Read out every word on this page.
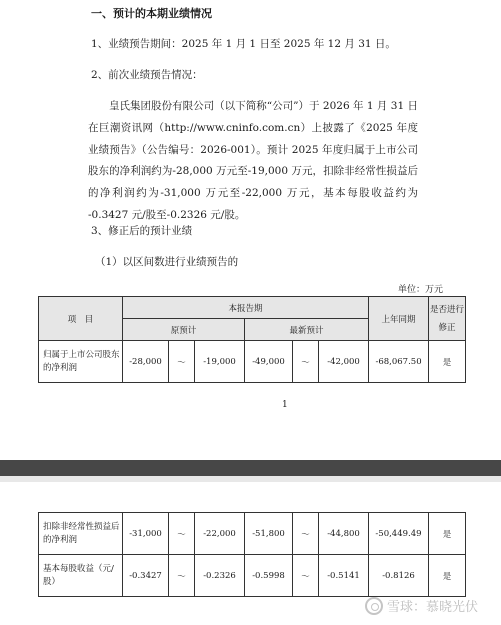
一、预计的本期业绩情况
1、业绩预告期间：2025 年 1 月 1 日至 2025 年 12 月 31 日。
2、前次业绩预告情况：
皇氏集团股份有限公司（以下简称“公司”）于 2026 年 1 月 31 日在巨潮资讯网（http://www.cninfo.com.cn）上披露了《2025 年度业绩预告》（公告编号：2026-001）。预计 2025 年度归属于上市公司股东的净利润约为-28,000 万元至-19,000 万元，扣除非经常性损益后的净利润约为-31,000 万元至-22,000 万元，基本每股收益约为 -0.3427 元/股至-0.2326 元/股。
3、修正后的预计业绩
（1）以区间数进行业绩预告的
单位：万元
项　目	本报告期						上年同期	是否进行修正
	原预计			最新预计				
归属于上市公司股东的净利润	-28,000	～	-19,000	-49,000	～	-42,000	-68,067.50	是
1
扣除非经常性损益后的净利润	-31,000	～	-22,000	-51,800	～	-44,800	-50,449.49	是
基本每股收益（元/股）	-0.3427	～	-0.2326	-0.5998	～	-0.5141	-0.8126	是
雪球：慕晓光伏
